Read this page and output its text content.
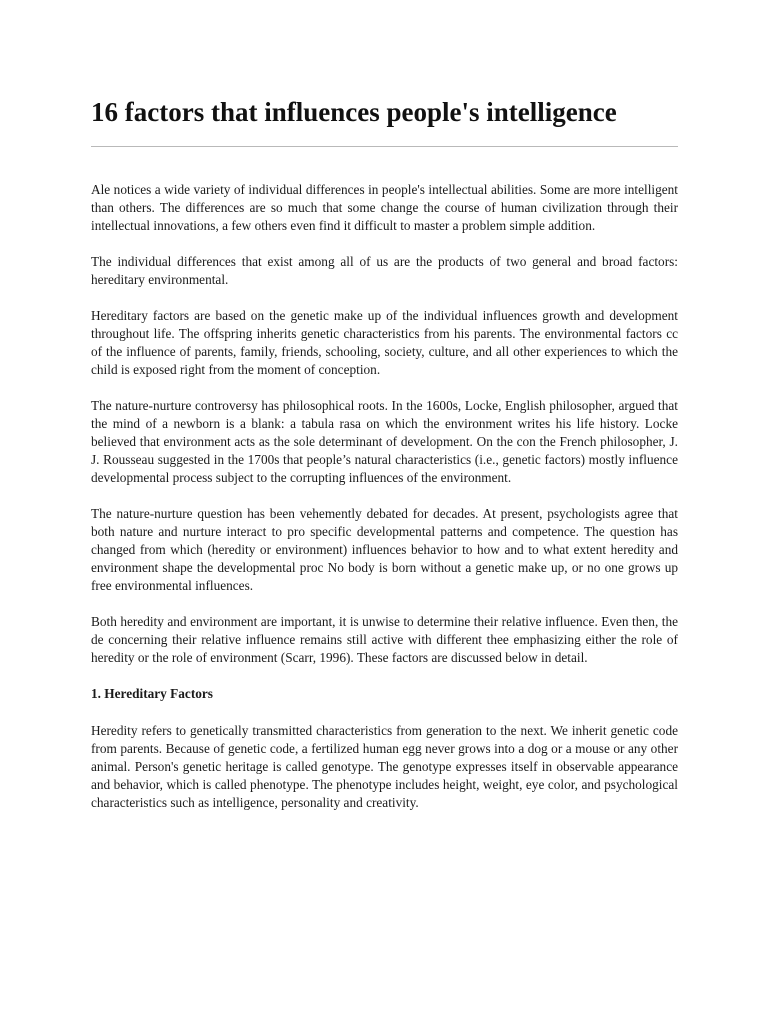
16 factors that influences people's intelligence

Ale notices a wide variety of individual differences in people's intellectual abilities. Some are more intelligent than others. The differences are so much that some change the course of human civilization through their intellectual innovations, a few others even find it difficult to master a problem simple addition.

The individual differences that exist among all of us are the products of two general and broad factors: hereditary environmental.

Hereditary factors are based on the genetic make up of the individual influences growth and development throughout life. The offspring inherits genetic characteristics from his parents. The environmental factors cc of the influence of parents, family, friends, schooling, society, culture, and all other experiences to which the child is exposed right from the moment of conception.

The nature-nurture controversy has philosophical roots. In the 1600s, Locke, English philosopher, argued that the mind of a newborn is a blank: a tabula rasa on which the environment writes his life history. Locke believed that environment acts as the sole determinant of development. On the con the French philosopher, J. J. Rousseau suggested in the 1700s that people’s natural characteristics (i.e., genetic factors) mostly influence developmental process subject to the corrupting influences of the environment.

The nature-nurture question has been vehemently debated for decades. At present, psychologists agree that both nature and nurture interact to pro specific developmental patterns and competence. The question has changed from which (heredity or environment) influences behavior to how and to what extent heredity and environment shape the developmental proc No body is born without a genetic make up, or no one grows up free environmental influences.

Both heredity and environment are important, it is unwise to determine their relative influence. Even then, the de concerning their relative influence remains still active with different thee emphasizing either the role of heredity or the role of environment (Scarr, 1996). These factors are discussed below in detail.

1. Hereditary Factors

Heredity refers to genetically transmitted characteristics from generation to the next. We inherit genetic code from parents. Because of genetic code, a fertilized human egg never grows into a dog or a mouse or any other animal. Person's genetic heritage is called genotype. The genotype expresses itself in observable appearance and behavior, which is called phenotype. The phenotype includes height, weight, eye color, and psychological characteristics such as intelligence, personality and creativity.
